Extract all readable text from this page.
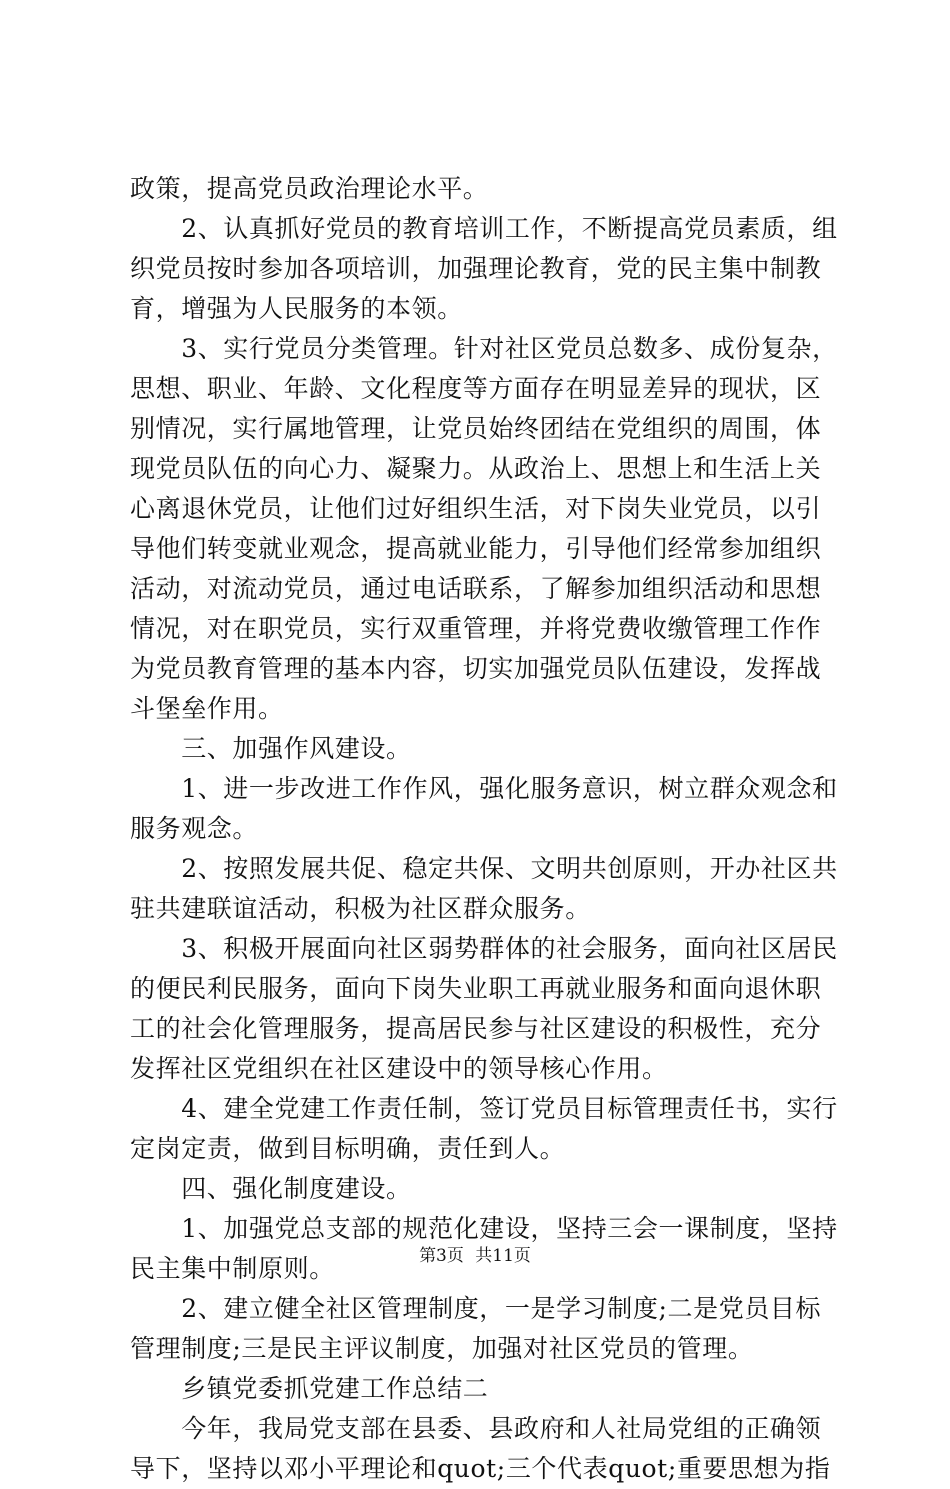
政策，提高党员政治理论水平。
　　2、认真抓好党员的教育培训工作，不断提高党员素质，组
织党员按时参加各项培训，加强理论教育，党的民主集中制教
育，增强为人民服务的本领。
　　3、实行党员分类管理。针对社区党员总数多、成份复杂，
思想、职业、年龄、文化程度等方面存在明显差异的现状，区
别情况，实行属地管理，让党员始终团结在党组织的周围，体
现党员队伍的向心力、凝聚力。从政治上、思想上和生活上关
心离退休党员，让他们过好组织生活，对下岗失业党员，以引
导他们转变就业观念，提高就业能力，引导他们经常参加组织
活动，对流动党员，通过电话联系，了解参加组织活动和思想
情况，对在职党员，实行双重管理，并将党费收缴管理工作作
为党员教育管理的基本内容，切实加强党员队伍建设，发挥战
斗堡垒作用。
　　三、加强作风建设。
　　1、进一步改进工作作风，强化服务意识，树立群众观念和
服务观念。
　　2、按照发展共促、稳定共保、文明共创原则，开办社区共
驻共建联谊活动，积极为社区群众服务。
　　3、积极开展面向社区弱势群体的社会服务，面向社区居民
的便民利民服务，面向下岗失业职工再就业服务和面向退休职
工的社会化管理服务，提高居民参与社区建设的积极性，充分
发挥社区党组织在社区建设中的领导核心作用。
　　4、建全党建工作责任制，签订党员目标管理责任书，实行
定岗定责，做到目标明确，责任到人。
　　四、强化制度建设。
　　1、加强党总支部的规范化建设，坚持三会一课制度，坚持
民主集中制原则。
　　2、建立健全社区管理制度，一是学习制度;二是党员目标
管理制度;三是民主评议制度，加强对社区党员的管理。
　　乡镇党委抓党建工作总结二
　　今年，我局党支部在县委、县政府和人社局党组的正确领
导下，坚持以邓小平理论和quot;三个代表quot;重要思想为指
第3页 共11页
